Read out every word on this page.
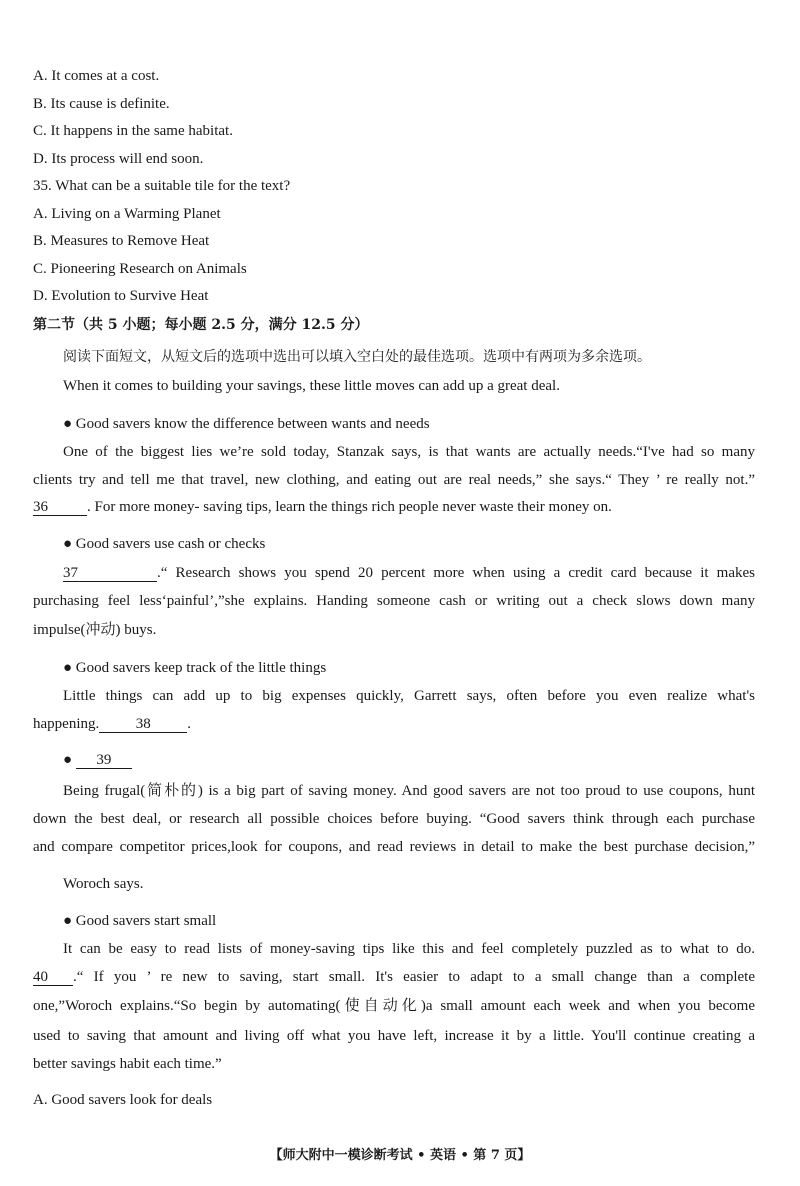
A. It comes at a cost.
B. Its cause is definite.
C. It happens in the same habitat.
D. Its process will end soon.
35. What can be a suitable tile for the text?
A. Living on a Warming Planet
B. Measures to Remove Heat
C. Pioneering Research on Animals
D. Evolution to Survive Heat
第二节（共 5 小题；每小题 2.5 分，满分 12.5 分）
阅读下面短文，从短文后的选项中选出可以填入空白处的最佳选项。选项中有两项为多余选项。
When it comes to building your savings, these little moves can add up a great deal.
● Good savers know the difference between wants and needs
One of the biggest lies we’re sold today, Stanzak says, is that wants are actually needs.“I've had so many
clients try and tell me that travel, new clothing, and eating out are real needs,” she says.“ They ’ re really not.”
36	. For more money- saving tips, learn the things rich people never waste their money on.
● Good savers use cash or checks
37	.“ Research shows you spend 20 percent more when using a credit card because it makes
purchasing feel less‘painful’,”she explains. Handing someone cash or writing out a check slows down many
impulse(冲动) buys.
● Good savers keep track of the little things
Little things can add up to big expenses quickly, Garrett says, often before you even realize what's
happening. 38 .
● 39
Being frugal(简朴的) is a big part of saving money. And good savers are not too proud to use coupons, hunt
down the best deal, or research all possible choices before buying. “Good savers think through each purchase
and compare competitor prices,look for coupons, and read reviews in detail to make the best purchase decision,”
Woroch says.
● Good savers start small
It can be easy to read lists of money-saving tips like this and feel completely puzzled as to what to do.
40 .“ If you ’ re new to saving, start small. It's easier to adapt to a small change than a complete
one,”Woroch explains.“So begin by automating(使自动化)a small amount each week and when you become
used to saving that amount and living off what you have left, increase it by a little. You'll continue creating a
better savings habit each time.”
A. Good savers look for deals
【师大附中一模诊断考试 • 英语 • 第 7 页】
